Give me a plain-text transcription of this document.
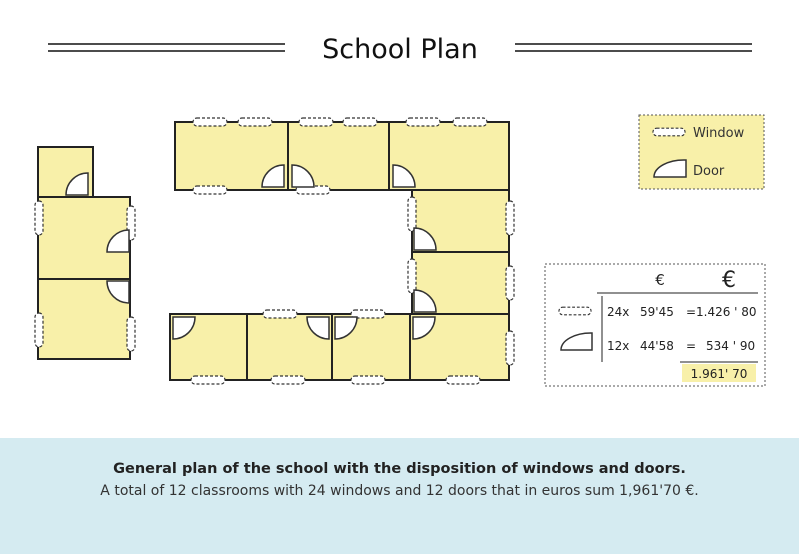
School Plan
Window
Door
€	€
24x 59'45 = 1.426 ' 80
12x 44'58 = 534 ' 90
1.961' 70
General plan of the school with the disposition of windows and doors.
A total of 12 classrooms with 24 windows and 12 doors that in euros sum 1,961'70 €.
